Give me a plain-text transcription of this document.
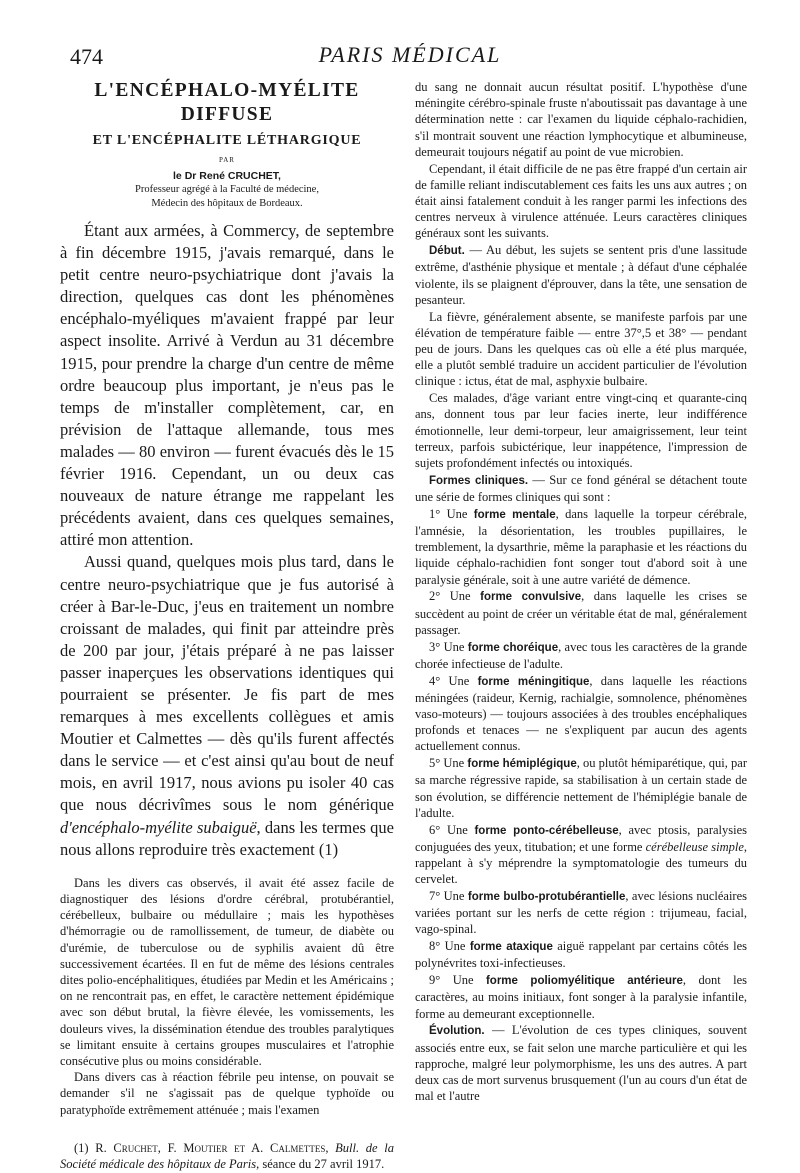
474	PARIS MÉDICAL
L'ENCÉPHALO-MYÉLITE
DIFFUSE
ET L'ENCÉPHALITE LÉTHARGIQUE
PAR
le Dr René CRUCHET,
Professeur agrégé à la Faculté de médecine,
Médecin des hôpitaux de Bordeaux.

Étant aux armées, à Commercy, de septembre à fin décembre 1915, j'avais remarqué, dans le petit centre neuro-psychiatrique dont j'avais la direction, quelques cas dont les phénomènes encéphalo-myéliques m'avaient frappé par leur aspect insolite. Arrivé à Verdun au 31 décembre 1915, pour prendre la charge d'un centre de même ordre beaucoup plus important, je n'eus pas le temps de m'installer complètement, car, en prévision de l'attaque allemande, tous mes malades — 80 environ — furent évacués dès le 15 février 1916. Cependant, un ou deux cas nouveaux de nature étrange me rappelant les précédents avaient, dans ces quelques semaines, attiré mon attention.

Aussi quand, quelques mois plus tard, dans le centre neuro-psychiatrique que je fus autorisé à créer à Bar-le-Duc, j'eus en traitement un nombre croissant de malades, qui finit par atteindre près de 200 par jour, j'étais préparé à ne pas laisser passer inaperçues les observations identiques qui pourraient se présenter. Je fis part de mes remarques à mes excellents collègues et amis Moutier et Calmettes — dès qu'ils furent affectés dans le service — et c'est ainsi qu'au bout de neuf mois, en avril 1917, nous avions pu isoler 40 cas que nous décrivîmes sous le nom générique d'encéphalo-myélite subaiguë, dans les termes que nous allons reproduire très exactement (1)

Dans les divers cas observés, il avait été assez facile de diagnostiquer des lésions d'ordre cérébral, protubérantiel, cérébelleux, bulbaire ou médullaire ; mais les hypothèses d'hémorragie ou de ramollissement, de tumeur, de diabète ou d'urémie, de tuberculose ou de syphilis avaient dû être successivement écartées. Il en fut de même des lésions centrales dites polio-encéphalitiques, étudiées par Medin et les Américains ; on ne rencontrait pas, en effet, le caractère nettement épidémique avec son début brutal, la fièvre élevée, les vomissements, les douleurs vives, la dissémination étendue des troubles paralytiques se limitant ensuite à certains groupes musculaires et l'atrophie consécutive plus ou moins considérable.

Dans divers cas à réaction fébrile peu intense, on pouvait se demander s'il ne s'agissait pas de quelque typhoïde ou paratyphoïde extrêmement atténuée ; mais l'examen

(1) R. Cruchet, F. Moutier et A. Calmettes, Bull. de la Société médicale des hôpitaux de Paris, séance du 27 avril 1917.

du sang ne donnait aucun résultat positif. L'hypothèse d'une méningite cérébro-spinale fruste n'aboutissait pas davantage à une détermination nette : car l'examen du liquide céphalo-rachidien, s'il montrait souvent une réaction lymphocytique et albumineuse, demeurait toujours négatif au point de vue microbien.

Cependant, il était difficile de ne pas être frappé d'un certain air de famille reliant indiscutablement ces faits les uns aux autres ; on était ainsi fatalement conduit à les ranger parmi les infections des centres nerveux à virulence atténuée. Leurs caractères cliniques généraux sont les suivants.

Début. — Au début, les sujets se sentent pris d'une lassitude extrême, d'asthénie physique et mentale ; à défaut d'une céphalée violente, ils se plaignent d'éprouver, dans la tête, une sensation de pesanteur.

La fièvre, généralement absente, se manifeste parfois par une élévation de température faible — entre 37°,5 et 38° — pendant peu de jours. Dans les quelques cas où elle a été plus marquée, elle a plutôt semblé traduire un accident particulier de l'évolution clinique : ictus, état de mal, asphyxie bulbaire.

Ces malades, d'âge variant entre vingt-cinq et quarante-cinq ans, donnent tous par leur facies inerte, leur indifférence émotionnelle, leur demi-torpeur, leur amaigrissement, leur teint terreux, parfois subictérique, leur inappétence, l'impression de sujets profondément infectés ou intoxiqués.

Formes cliniques. — Sur ce fond général se détachent toute une série de formes cliniques qui sont :

1° Une forme mentale, dans laquelle la torpeur cérébrale, l'amnésie, la désorientation, les troubles pupillaires, le tremblement, la dysarthrie, même la paraphasie et les réactions du liquide céphalo-rachidien font songer tout d'abord soit à une paralysie générale, soit à une autre variété de démence.

2° Une forme convulsive, dans laquelle les crises se succèdent au point de créer un véritable état de mal, généralement passager.

3° Une forme choréique, avec tous les caractères de la grande chorée infectieuse de l'adulte.

4° Une forme méningitique, dans laquelle les réactions méningées (raideur, Kernig, rachialgie, somnolence, phénomènes vaso-moteurs) — toujours associées à des troubles encéphaliques profonds et tenaces — ne s'expliquent par aucun des agents actuellement connus.

5° Une forme hémiplégique, ou plutôt hémiparétique, qui, par sa marche régressive rapide, sa stabilisation à un certain stade de son évolution, se différencie nettement de l'hémiplégie banale de l'adulte.

6° Une forme ponto-cérébelleuse, avec ptosis, paralysies conjuguées des yeux, titubation; et une forme cérébelleuse simple, rappelant à s'y méprendre la symptomatologie des tumeurs du cervelet.

7° Une forme bulbo-protubérantielle, avec lésions nucléaires variées portant sur les nerfs de cette région : trijumeau, facial, vago-spinal.

8° Une forme ataxique aiguë rappelant par certains côtés les polynévrites toxi-infectieuses.

9° Une forme poliomyélitique antérieure, dont les caractères, au moins initiaux, font songer à la paralysie infantile, forme au demeurant exceptionnelle.

Évolution. — L'évolution de ces types cliniques, souvent associés entre eux, se fait selon une marche particulière et qui les rapproche, malgré leur polymorphisme, les uns des autres. A part deux cas de mort survenus brusquement (l'un au cours d'un état de mal et l'autre
